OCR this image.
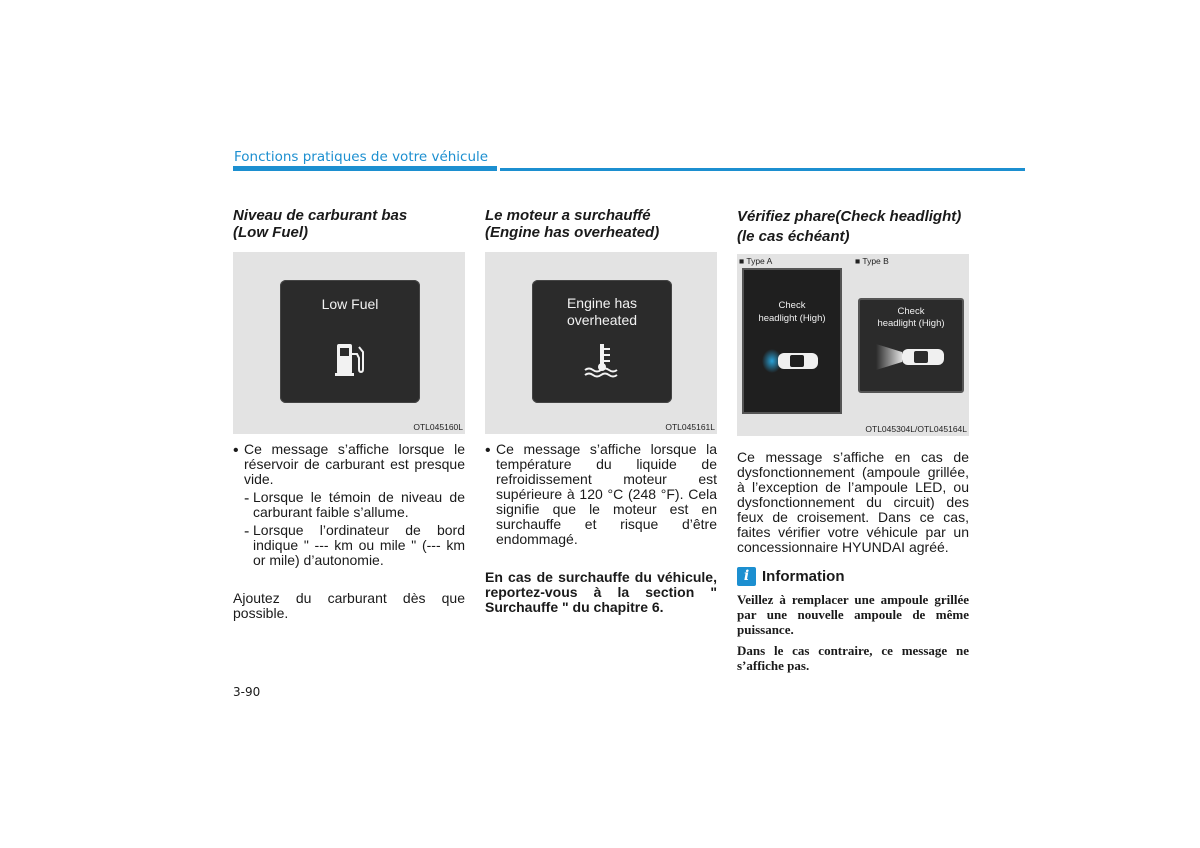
Fonctions pratiques de votre véhicule
Niveau de carburant bas
(Low Fuel)
Low Fuel
OTL045160L
• Ce message s’affiche lorsque le réservoir de carburant est presque vide.
- Lorsque le témoin de niveau de carburant faible s’allume.
- Lorsque l’ordinateur de bord indique " --- km ou mile " (--- km or mile) d’autonomie.
Ajoutez du carburant dès que possible.
Le moteur a surchauffé
(Engine has overheated)
Engine has
overheated
OTL045161L
• Ce message s’affiche lorsque la température du liquide de refroidissement moteur est supérieure à 120 °C (248 °F). Cela signifie que le moteur est en surchauffe et risque d’être endommagé.
En cas de surchauffe du véhicule, reportez-vous à la section " Surchauffe " du chapitre 6.
Vérifiez phare(Check headlight)
(le cas échéant)
■ Type A	■ Type B
Check
headlight (High)
Check
headlight (High)
OTL045304L/OTL045164L
Ce message s’affiche en cas de dysfonctionnement (ampoule grillée, à l’exception de l’ampoule LED, ou dysfonctionnement du circuit) des feux de croisement. Dans ce cas, faites vérifier votre véhicule par un concessionnaire HYUNDAI agréé.
i Information
Veillez à remplacer une ampoule grillée par une nouvelle ampoule de même puissance.
Dans le cas contraire, ce message ne s’affiche pas.
3-90
